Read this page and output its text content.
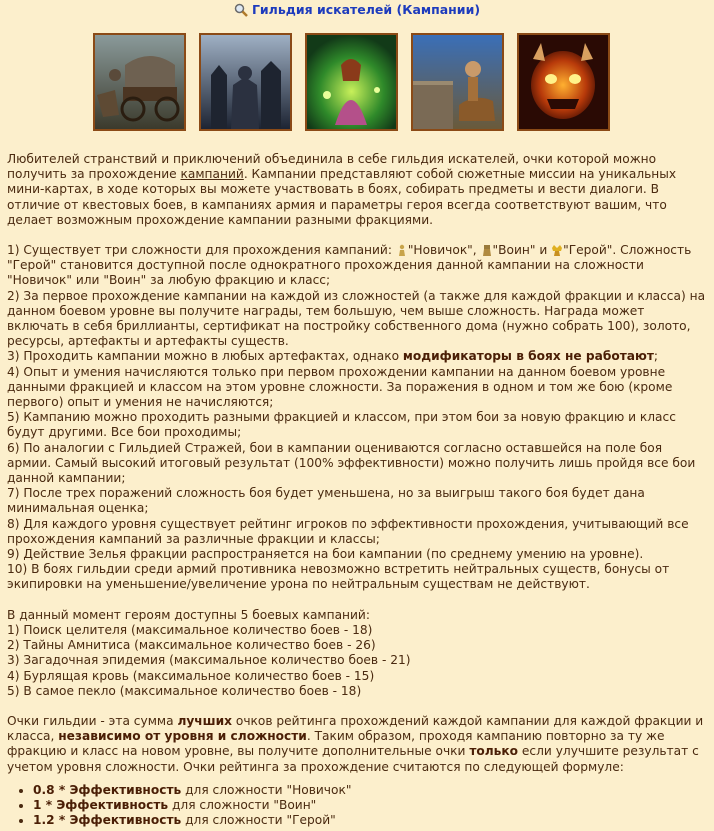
Гильдия искателей (Кампании)

Любителей странствий и приключений объединила в себе гильдия искателей, очки которой можно получить за прохождение кампаний. Кампании представляют собой сюжетные миссии на уникальных мини-картах, в ходе которых вы можете участвовать в боях, собирать предметы и вести диалоги. В отличие от квестовых боев, в кампаниях армия и параметры героя всегда соответствуют вашим, что делает возможным прохождение кампании разными фракциями.

1) Существует три сложности для прохождения кампаний: "Новичок", "Воин" и "Герой". Сложность "Герой" становится доступной после однократного прохождения данной кампании на сложности "Новичок" или "Воин" за любую фракцию и класс;

2) За первое прохождение кампании на каждой из сложностей (а также для каждой фракции и класса) на данном боевом уровне вы получите награды, тем большую, чем выше сложность. Награда может включать в себя бриллианты, сертификат на постройку собственного дома (нужно собрать 100), золото, ресурсы, артефакты и артефакты существ.

3) Проходить кампании можно в любых артефактах, однако модификаторы в боях не работают;

4) Опыт и умения начисляются только при первом прохождении кампании на данном боевом уровне данными фракцией и классом на этом уровне сложности. За поражения в одном и том же бою (кроме первого) опыт и умения не начисляются;

5) Кампанию можно проходить разными фракцией и классом, при этом бои за новую фракцию и класс будут другими. Все бои проходимы;

6) По аналогии с Гильдией Стражей, бои в кампании оцениваются согласно оставшейся на поле боя армии. Самый высокий итоговый результат (100% эффективности) можно получить лишь пройдя все бои данной кампании;

7) После трех поражений сложность боя будет уменьшена, но за выигрыш такого боя будет дана минимальная оценка;

8) Для каждого уровня существует рейтинг игроков по эффективности прохождения, учитывающий все прохождения кампаний за различные фракции и классы;

9) Действие Зелья фракции распространяется на бои кампании (по среднему умению на уровне).

10) В боях гильдии среди армий противника невозможно встретить нейтральных существ, бонусы от экипировки на уменьшение/увеличение урона по нейтральным существам не действуют.

В данный момент героям доступны 5 боевых кампаний:

1) Поиск целителя (максимальное количество боев - 18)

2) Тайны Амнитиса (максимальное количество боев - 26)

3) Загадочная эпидемия (максимальное количество боев - 21)

4) Бурлящая кровь (максимальное количество боев - 15)

5) В самое пекло (максимальное количество боев - 18)

Очки гильдии - эта сумма лучших очков рейтинга прохождений каждой кампании для каждой фракции и класса, независимо от уровня и сложности. Таким образом, проходя кампанию повторно за ту же фракцию и класс на новом уровне, вы получите дополнительные очки только если улучшите результат с учетом уровня сложности. Очки рейтинга за прохождение считаются по следующей формуле:

• 0.8 * Эффективность для сложности "Новичок"
• 1 * Эффективность для сложности "Воин"
• 1.2 * Эффективность для сложности "Герой"
